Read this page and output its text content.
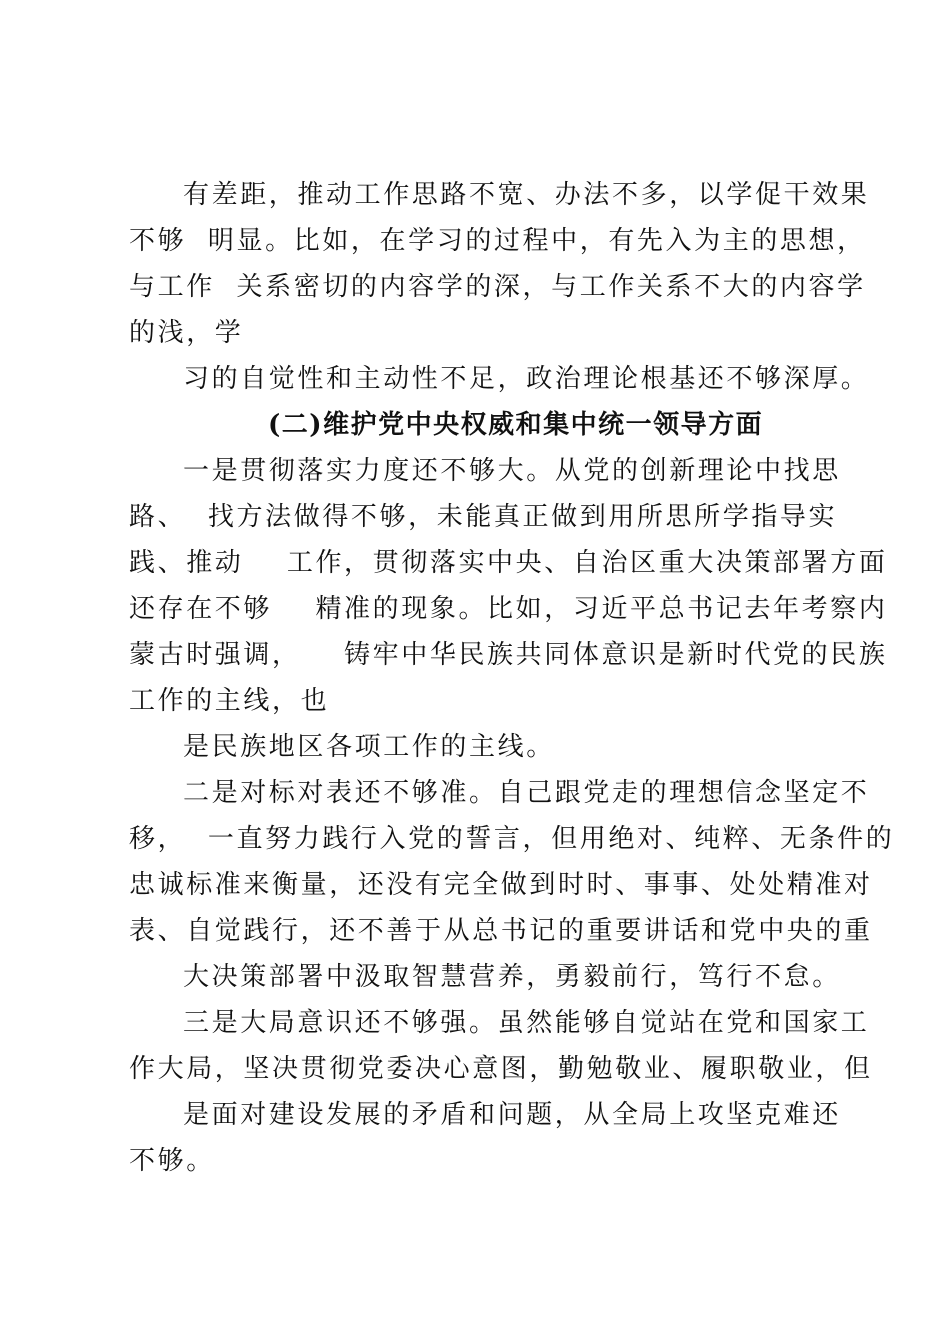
有差距，推动工作思路不宽、办法不多，以学促干效果
不够  明显。比如，在学习的过程中，有先入为主的思想，
与工作  关系密切的内容学的深，与工作关系不大的内容学
的浅，学
习的自觉性和主动性不足，政治理论根基还不够深厚。
(二)维护党中央权威和集中统一领导方面
一是贯彻落实力度还不够大。从党的创新理论中找思
路、  找方法做得不够，未能真正做到用所思所学指导实
践、推动    工作，贯彻落实中央、自治区重大决策部署方面
还存在不够    精准的现象。比如，习近平总书记去年考察内
蒙古时强调，    铸牢中华民族共同体意识是新时代党的民族
工作的主线，也
是民族地区各项工作的主线。
二是对标对表还不够准。自己跟党走的理想信念坚定不
移，  一直努力践行入党的誓言，但用绝对、纯粹、无条件的
忠诚标准来衡量，还没有完全做到时时、事事、处处精准对
表、自觉践行，还不善于从总书记的重要讲话和党中央的重
大决策部署中汲取智慧营养，勇毅前行，笃行不怠。
三是大局意识还不够强。虽然能够自觉站在党和国家工
作大局，坚决贯彻党委决心意图，勤勉敬业、履职敬业，但
是面对建设发展的矛盾和问题，从全局上攻坚克难还
不够。
